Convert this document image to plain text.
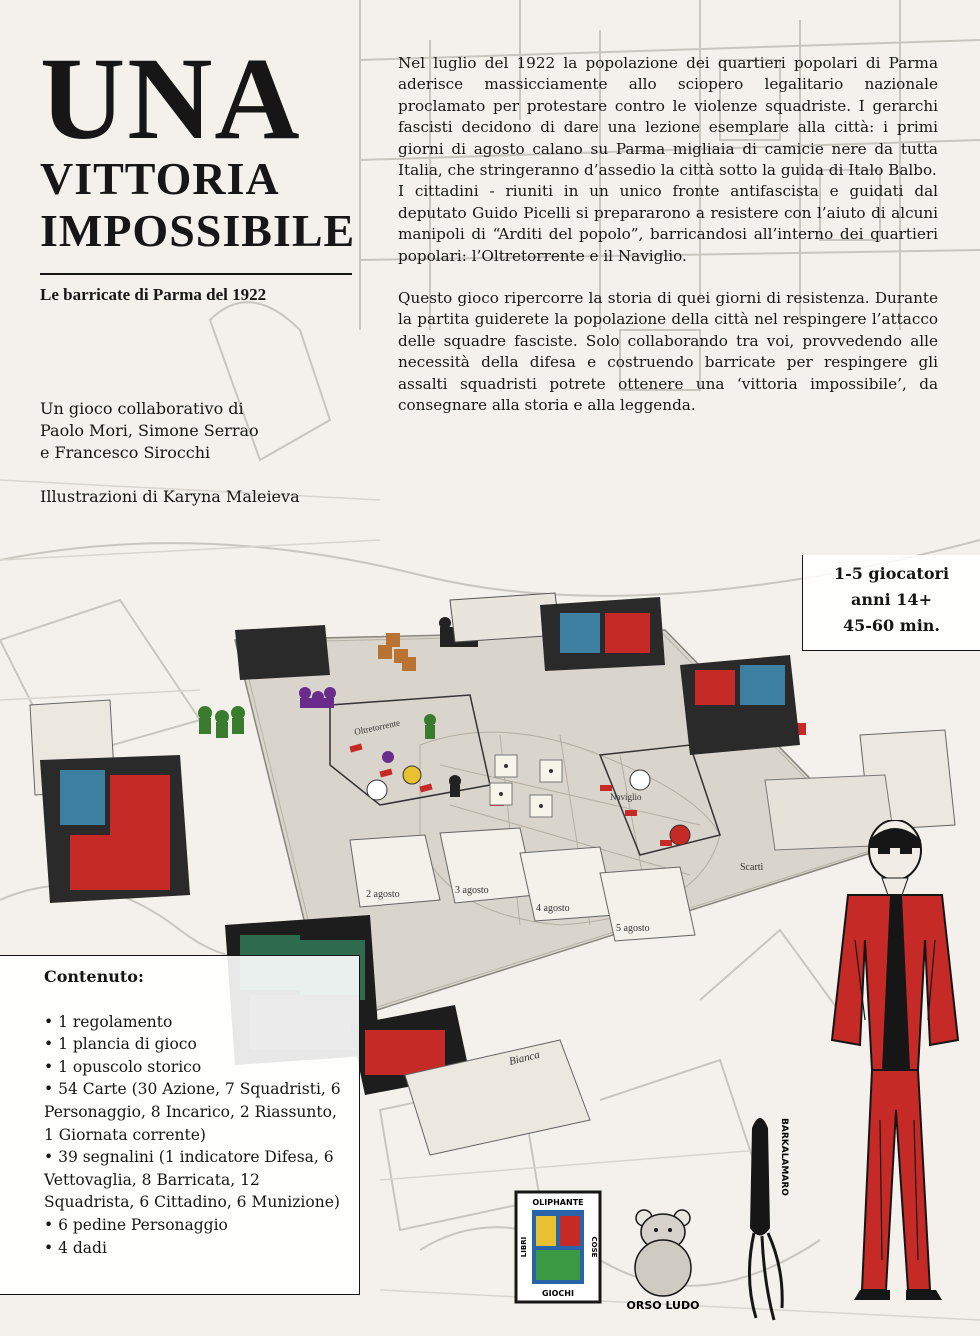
UNA
VITTORIA
IMPOSSIBILE
Le barricate di Parma del 1922

Un gioco collaborativo di

Paolo Mori, Simone Serrao

e Francesco Sirocchi

Illustrazioni di Karyna Maleieva

Nel luglio del 1922 la popolazione dei quartieri popolari di Parma aderisce massicciamente allo sciopero legalitario nazionale proclamato per protestare contro le violenze squadriste. I gerarchi fascisti decidono di dare una lezione esemplare alla città: i primi giorni di agosto calano su Parma migliaia di camicie nere da tutta Italia, che stringeranno d’assedio la città sotto la guida di Italo Balbo.

I cittadini - riuniti in un unico fronte antifascista e guidati dal deputato Guido Picelli si prepararono a resistere con l’aiuto di alcuni manipoli di “Arditi del popolo”, barricandosi all’interno dei quartieri popolari: l’Oltretorrente e il Naviglio.

Questo gioco ripercorre la storia di quei giorni di resistenza. Durante la partita guiderete la popolazione della città nel respingere l’attacco delle squadre fasciste. Solo collaborando tra voi, provvedendo alle necessità della difesa e costruendo barricate per respingere gli assalti squadristi potrete ottenere una ‘vittoria impossibile’, da consegnare alla storia e alla leggenda.

1-5 giocatori
anni 14+
45-60 min.
2 agosto	3 agosto
4 agosto
5 agosto
Oltretorrente
Naviglio
Scarti
Bianca
Contenuto:
• 1 regolamento
• 1 plancia di gioco
• 1 opuscolo storico
• 54 Carte (30 Azione, 7 Squadristi, 6 Personaggio, 8 Incarico, 2 Riassunto, 1 Giornata corrente)
• 39 segnalini (1 indicatore Difesa, 6 Vettovaglia, 8 Barricata, 12 Squadrista, 6 Cittadino, 6 Munizione)
• 6 pedine Personaggio
• 4 dadi
OLIPHANTE
GIOCHI
LIBRI	COSE
ORSO LUDO
BARKALAMARO
